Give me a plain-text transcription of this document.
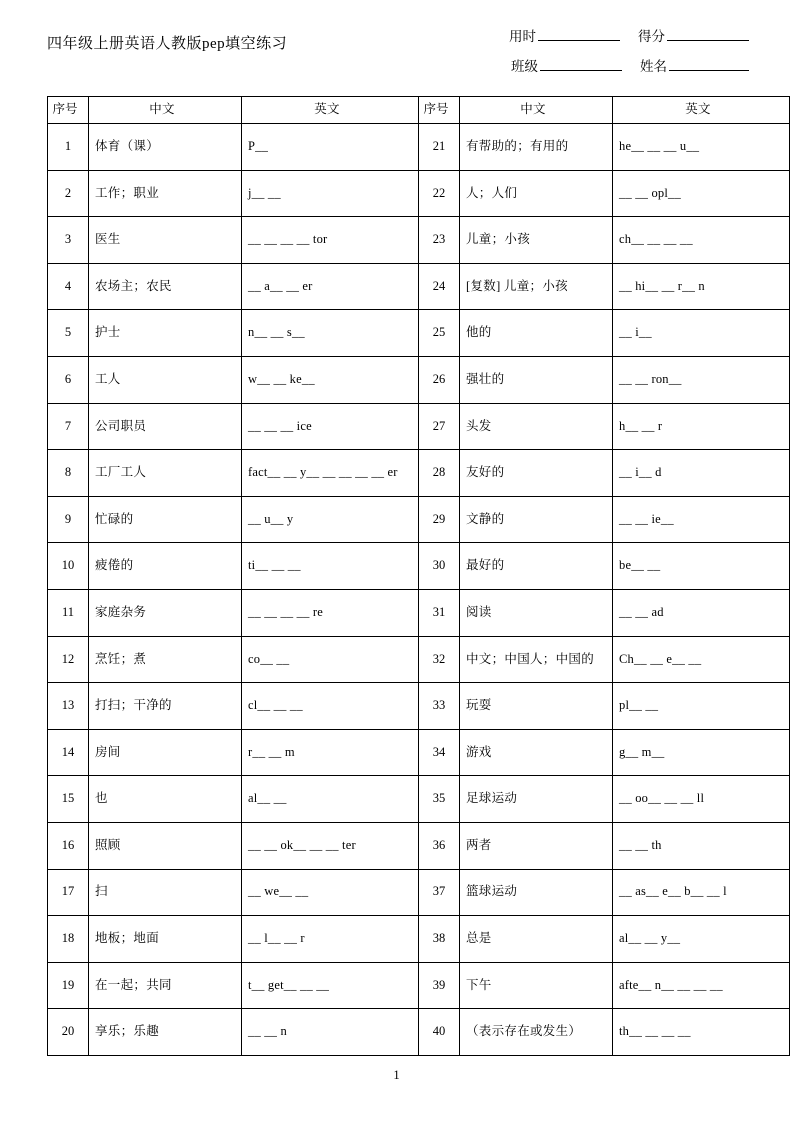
四年级上册英语人教版pep填空练习	用时	得分
班级	姓名
序号	中文	英文	序号	中文	英文
1	体育（课）	P__	21	有帮助的；有用的	he__ __ __ u__
2	工作；职业	j__ __	22	人；人们	__ __ opl__
3	医生	__ __ __ __ tor	23	儿童；小孩	ch__ __ __ __
4	农场主；农民	__ a__ __ er	24	[复数] 儿童；小孩	__ hi__ __ r__ n
5	护士	n__ __ s__	25	他的	__ i__
6	工人	w__ __ ke__	26	强壮的	__ __ ron__
7	公司职员	__ __ __ ice	27	头发	h__ __ r
8	工厂工人	fact__ __ y__ __ __ __ __ er	28	友好的	__ i__ d
9	忙碌的	__ u__ y	29	文静的	__ __ ie__
10	疲倦的	ti__ __ __	30	最好的	be__ __
11	家庭杂务	__ __ __ __ re	31	阅读	__ __ ad
12	烹饪；煮	co__ __	32	中文；中国人；中国的	Ch__ __ e__ __
13	打扫；干净的	cl__ __ __	33	玩耍	pl__ __
14	房间	r__ __ m	34	游戏	g__ m__
15	也	al__ __	35	足球运动	__ oo__ __ __ ll
16	照顾	__ __ ok__ __ __ ter	36	两者	__ __ th
17	扫	__ we__ __	37	篮球运动	__ as__ e__ b__ __ l
18	地板；地面	__ l__ __ r	38	总是	al__ __ y__
19	在一起；共同	t__ get__ __ __	39	下午	afte__ n__ __ __ __
20	享乐；乐趣	__ __ n	40	（表示存在或发生）	th__ __ __ __
1
